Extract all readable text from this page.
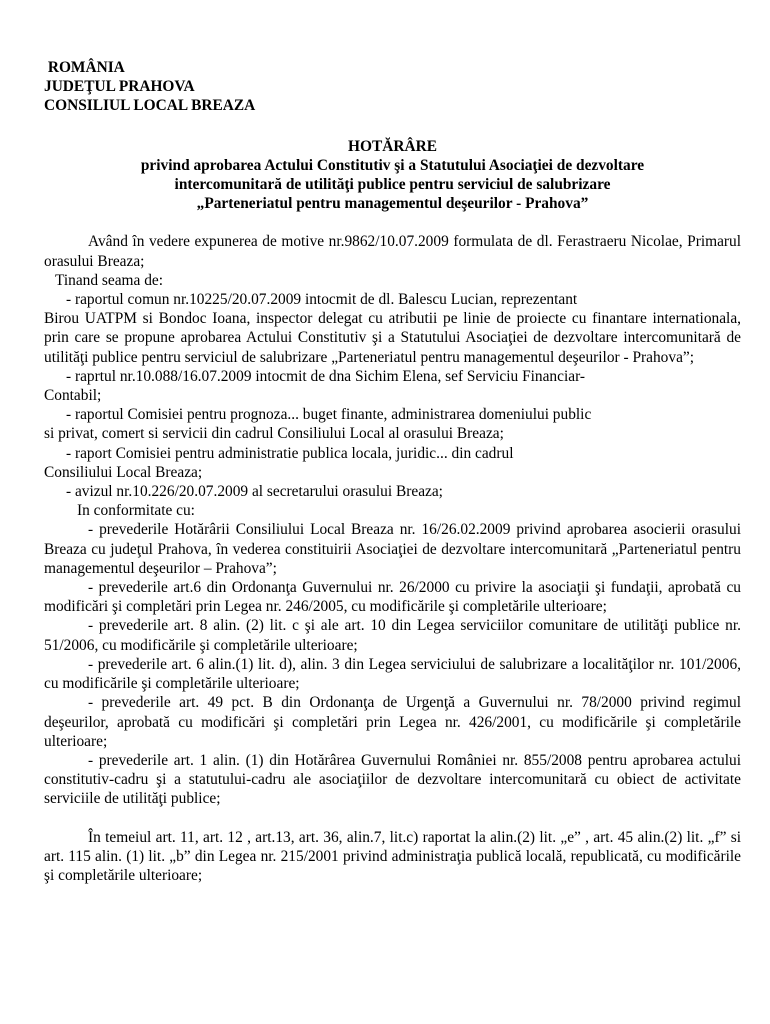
ROMÂNIA
JUDEŢUL PRAHOVA
CONSILIUL LOCAL BREAZA
HOTĂRÂRE
privind aprobarea Actului Constitutiv şi a Statutului Asociaţiei de dezvoltare
intercomunitară de utilităţi publice pentru serviciul de salubrizare
„Parteneriatul pentru managementul deşeurilor - Prahova”
Având în vedere expunerea de motive nr.9862/10.07.2009 formulata de dl. Ferastraeru Nicolae, Primarul orasului Breaza;
Tinand seama de:
- raportul comun nr.10225/20.07.2009 intocmit de dl. Balescu Lucian, reprezentant
Birou UATPM si Bondoc Ioana, inspector delegat cu atributii pe linie de proiecte cu finantare internationala, prin care se propune aprobarea Actului Constitutiv şi a Statutului Asociaţiei de dezvoltare intercomunitară de utilităţi publice pentru serviciul de salubrizare „Parteneriatul pentru managementul deşeurilor - Prahova”;
- raprtul nr.10.088/16.07.2009 intocmit de dna Sichim Elena, sef Serviciu Financiar-
Contabil;
- raportul Comisiei pentru prognoza... buget finante, administrarea domeniului public
si privat, comert si servicii din cadrul Consiliului Local al orasului Breaza;
- raport Comisiei pentru administratie publica locala, juridic... din cadrul
Consiliului Local Breaza;
- avizul nr.10.226/20.07.2009 al secretarului orasului Breaza;
In conformitate cu:
- prevederile Hotărârii Consiliului Local Breaza nr. 16/26.02.2009 privind aprobarea asocierii orasului Breaza cu judeţul Prahova, în vederea constituirii Asociaţiei de dezvoltare intercomunitară „Parteneriatul pentru managementul deşeurilor – Prahova”;
- prevederile art.6 din Ordonanţa Guvernului nr. 26/2000 cu privire la asociaţii şi fundaţii, aprobată cu modificări şi completări prin Legea nr. 246/2005, cu modificările şi completările ulterioare;
- prevederile art. 8 alin. (2) lit. c şi ale art. 10 din Legea serviciilor comunitare de utilităţi publice nr. 51/2006, cu modificările şi completările ulterioare;
- prevederile art. 6 alin.(1) lit. d), alin. 3 din Legea serviciului de salubrizare a localităţilor nr. 101/2006, cu modificările şi completările ulterioare;
- prevederile art. 49 pct. B din Ordonanţa de Urgenţă a Guvernului nr. 78/2000 privind regimul deşeurilor, aprobată cu modificări şi completări prin Legea nr. 426/2001, cu modificările şi completările ulterioare;
- prevederile art. 1 alin. (1) din Hotărârea Guvernului României nr. 855/2008 pentru aprobarea actului constitutiv-cadru şi a statutului-cadru ale asociaţiilor de dezvoltare intercomunitară cu obiect de activitate serviciile de utilităţi publice;
În temeiul art. 11, art. 12 , art.13, art. 36, alin.7, lit.c) raportat la alin.(2) lit. „e” , art. 45 alin.(2) lit. „f” si art. 115 alin. (1) lit. „b” din Legea nr. 215/2001 privind administraţia publică locală, republicată, cu modificările şi completările ulterioare;
